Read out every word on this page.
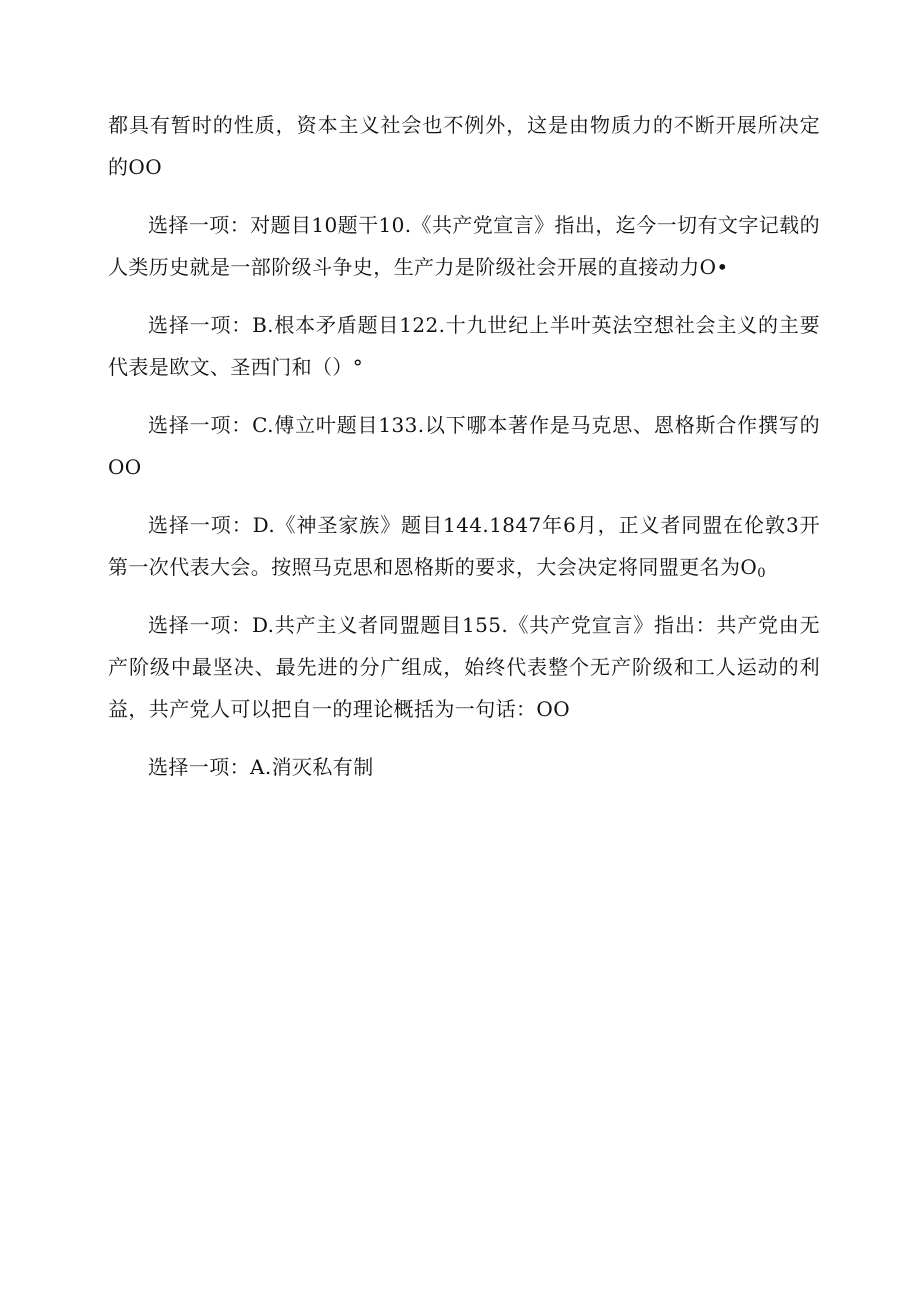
都具有暂时的性质，资本主义社会也不例外，这是由物质力的不断开展所决定的OO

选择一项：对题目10题干10.《共产党宣言》指出，迄今一切有文字记载的人类历史就是一部阶级斗争史，生产力是阶级社会开展的直接动力O•

选择一项：B.根本矛盾题目122.十九世纪上半叶英法空想社会主义的主要代表是欧文、圣西门和（）°

选择一项：C.傅立叶题目133.以下哪本著作是马克思、恩格斯合作撰写的OO

选择一项：D.《神圣家族》题目144.1847年6月，正义者同盟在伦敦3开第一次代表大会。按照马克思和恩格斯的要求，大会决定将同盟更名为$O_0$

选择一项：D.共产主义者同盟题目155.《共产党宣言》指出：共产党由无产阶级中最坚决、最先进的分广组成，始终代表整个无产阶级和工人运动的利益，共产党人可以把自一的理论概括为一句话：OO

选择一项：A.消灭私有制
